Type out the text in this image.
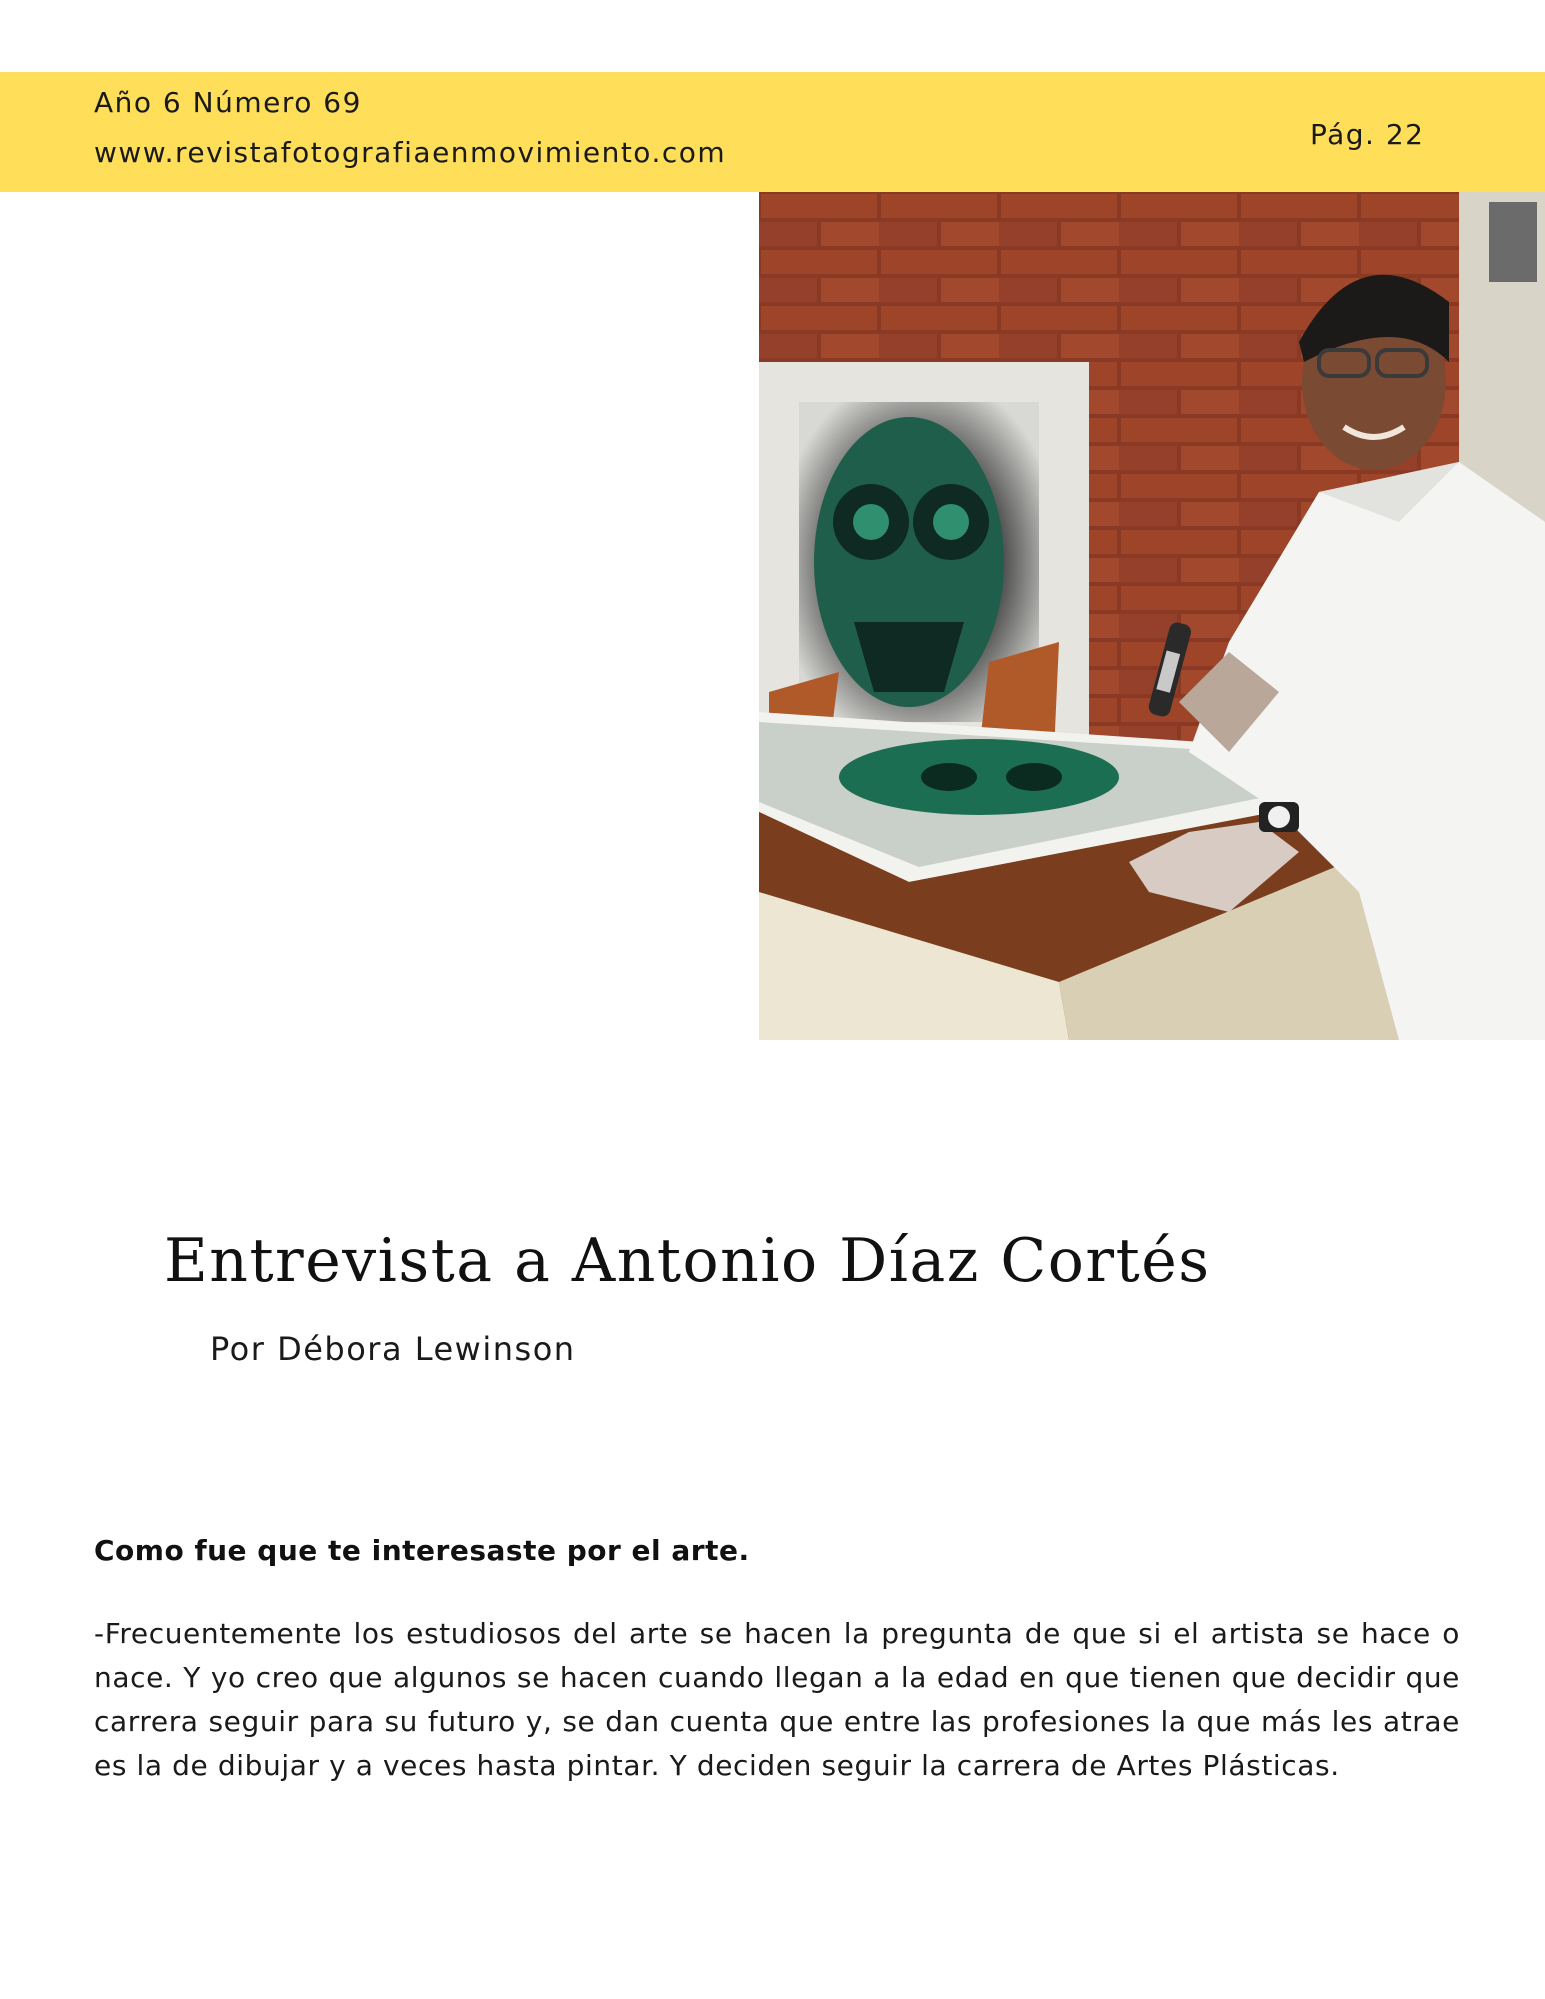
Año 6 Número 69
www.revistafotografiaenmovimiento.com
Pág. 22
Entrevista a Antonio Díaz Cortés
Por Débora Lewinson
Como fue que te interesaste por el arte.

-Frecuentemente los estudiosos del arte se hacen la pregunta de que si el artista se hace o nace. Y yo creo que algunos se hacen cuando llegan a la edad en que tienen que decidir que carrera seguir para su futuro y, se dan cuenta que entre las profesiones la que más les atrae es la de dibujar y a veces hasta pintar. Y deciden seguir la carrera de Artes Plásticas.
